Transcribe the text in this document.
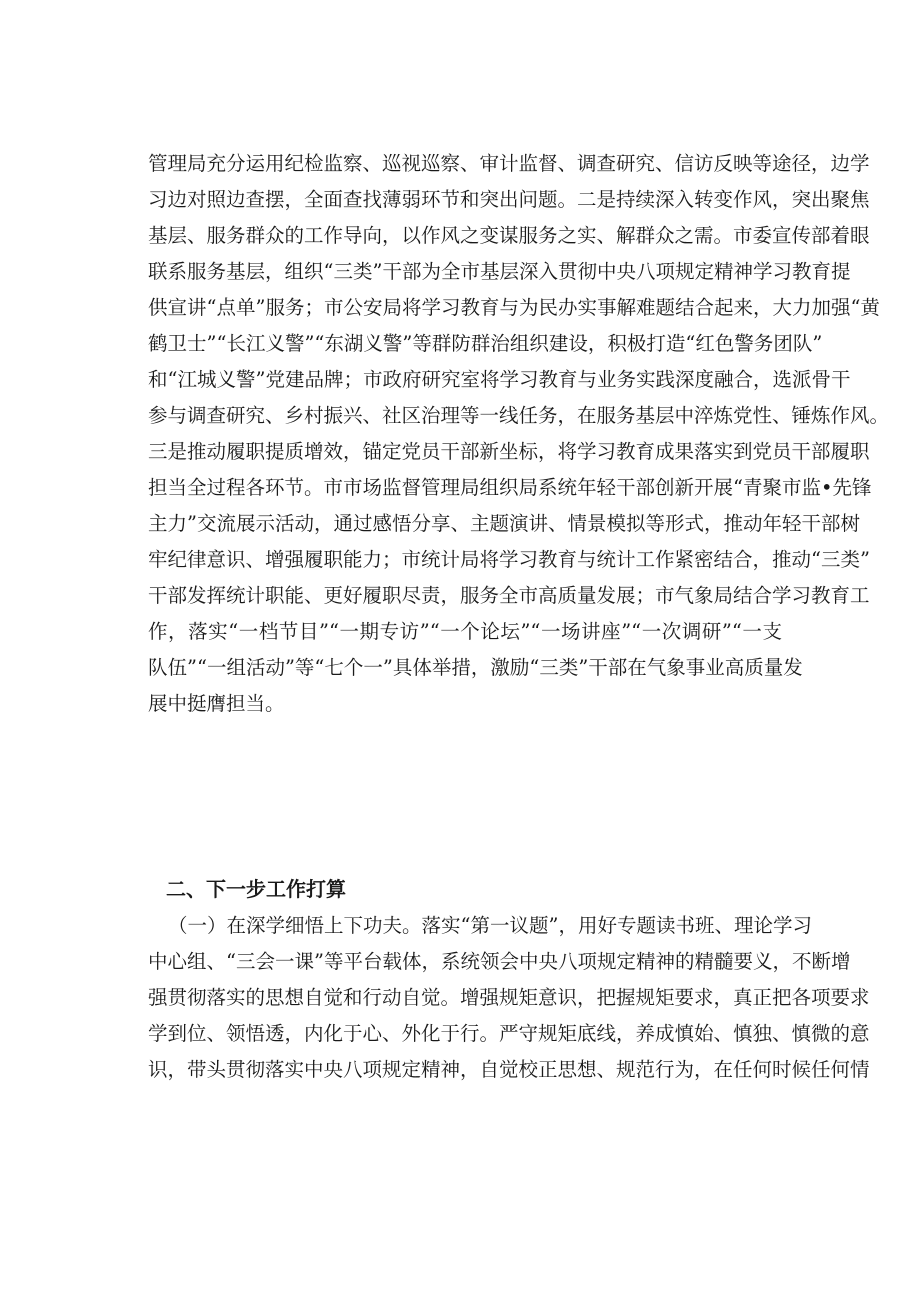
管理局充分运用纪检监察、巡视巡察、审计监督、调查研究、信访反映等途径，边学
习边对照边查摆，全面查找薄弱环节和突出问题。二是持续深入转变作风，突出聚焦
基层、服务群众的工作导向，以作风之变谋服务之实、解群众之需。市委宣传部着眼
联系服务基层，组织“三类”干部为全市基层深入贯彻中央八项规定精神学习教育提
供宣讲“点单”服务；市公安局将学习教育与为民办实事解难题结合起来，大力加强“黄
鹤卫士”“长江义警”“东湖义警”等群防群治组织建设，积极打造“红色警务团队”
和“江城义警”党建品牌；市政府研究室将学习教育与业务实践深度融合，选派骨干
参与调查研究、乡村振兴、社区治理等一线任务，在服务基层中淬炼党性、锤炼作风。
三是推动履职提质增效，锚定党员干部新坐标，将学习教育成果落实到党员干部履职
担当全过程各环节。市市场监督管理局组织局系统年轻干部创新开展“青聚市监•先锋
主力”交流展示活动，通过感悟分享、主题演讲、情景模拟等形式，推动年轻干部树
牢纪律意识、增强履职能力；市统计局将学习教育与统计工作紧密结合，推动“三类”
干部发挥统计职能、更好履职尽责，服务全市高质量发展；市气象局结合学习教育工
作，落实“一档节目”“一期专访”“一个论坛”“一场讲座”“一次调研”“一支
队伍”“一组活动”等“七个一”具体举措，激励“三类”干部在气象事业高质量发
展中挺膺担当。
二、下一步工作打算
（一）在深学细悟上下功夫。落实“第一议题”，用好专题读书班、理论学习
中心组、“三会一课”等平台载体，系统领会中央八项规定精神的精髓要义，不断增
强贯彻落实的思想自觉和行动自觉。增强规矩意识，把握规矩要求，真正把各项要求
学到位、领悟透，内化于心、外化于行。严守规矩底线，养成慎始、慎独、慎微的意
识，带头贯彻落实中央八项规定精神，自觉校正思想、规范行为，在任何时候任何情
